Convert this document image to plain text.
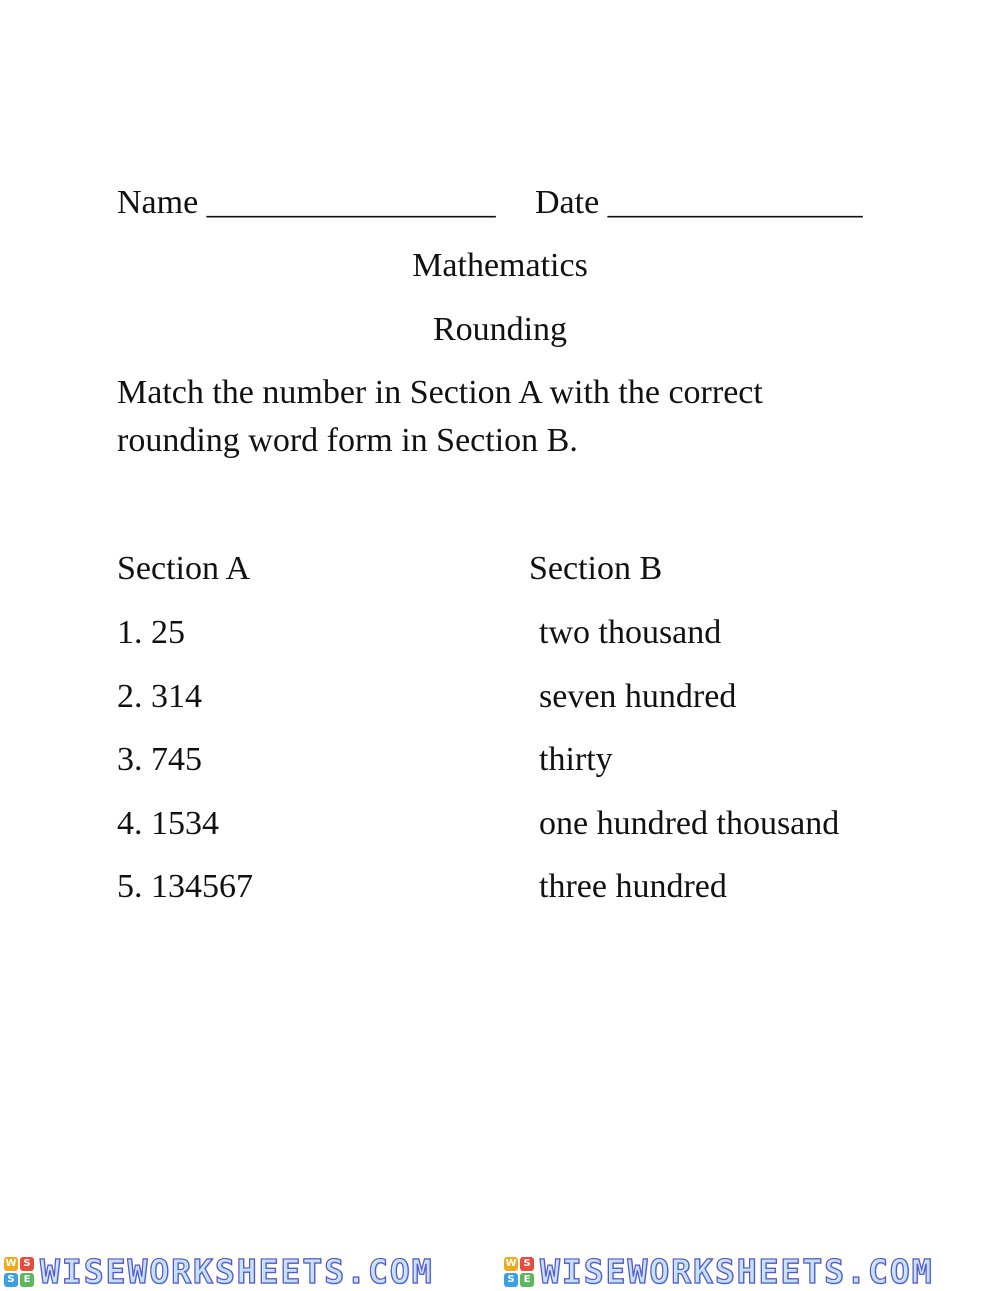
Name _________________ Date _______________
Mathematics
Rounding
Match the number in Section A with the correct
rounding word form in Section B.
Section A	Section B
1. 25
2. 314
3. 745
4. 1534
5. 134567
two thousand
seven hundred
thirty
one hundred thousand
three hundred
W S
S E WISEWORKSHEETS.COM	W S
S E WISEWORKSHEETS.COM
